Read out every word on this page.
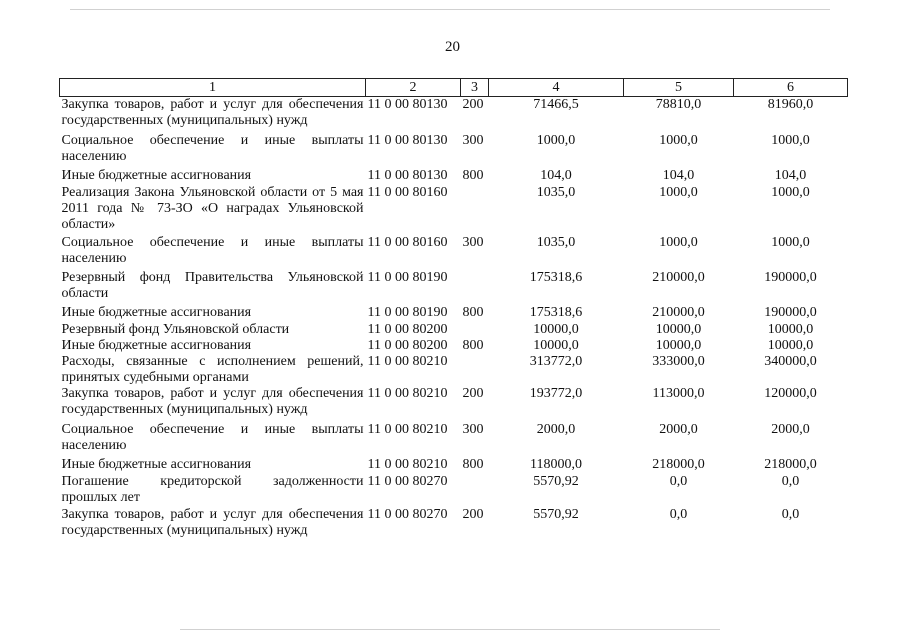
20
1	2	3	4	5	6
Закупка товаров, работ и услуг для обеспечения государственных (муниципальных) нужд	11 0 00 80130	200	71466,5	78810,0	81960,0
Социальное обеспечение и иные выплаты населению	11 0 00 80130	300	1000,0	1000,0	1000,0
Иные бюджетные ассигнования	11 0 00 80130	800	104,0	104,0	104,0
Реализация Закона Ульяновской области от 5 мая 2011 года № 73-ЗО «О наградах Ульяновской области»	11 0 00 80160		1035,0	1000,0	1000,0
Социальное обеспечение и иные выплаты населению	11 0 00 80160	300	1035,0	1000,0	1000,0
Резервный фонд Правительства Ульяновской области	11 0 00 80190		175318,6	210000,0	190000,0
Иные бюджетные ассигнования	11 0 00 80190	800	175318,6	210000,0	190000,0
Резервный фонд Ульяновской области	11 0 00 80200		10000,0	10000,0	10000,0
Иные бюджетные ассигнования	11 0 00 80200	800	10000,0	10000,0	10000,0
Расходы, связанные с исполнением решений, принятых судебными органами	11 0 00 80210		313772,0	333000,0	340000,0
Закупка товаров, работ и услуг для обеспечения государственных (муниципальных) нужд	11 0 00 80210	200	193772,0	113000,0	120000,0
Социальное обеспечение и иные выплаты населению	11 0 00 80210	300	2000,0	2000,0	2000,0
Иные бюджетные ассигнования	11 0 00 80210	800	118000,0	218000,0	218000,0
Погашение кредиторской задолженности прошлых лет	11 0 00 80270		5570,92	0,0	0,0
Закупка товаров, работ и услуг для обеспечения государственных (муниципальных) нужд	11 0 00 80270	200	5570,92	0,0	0,0
